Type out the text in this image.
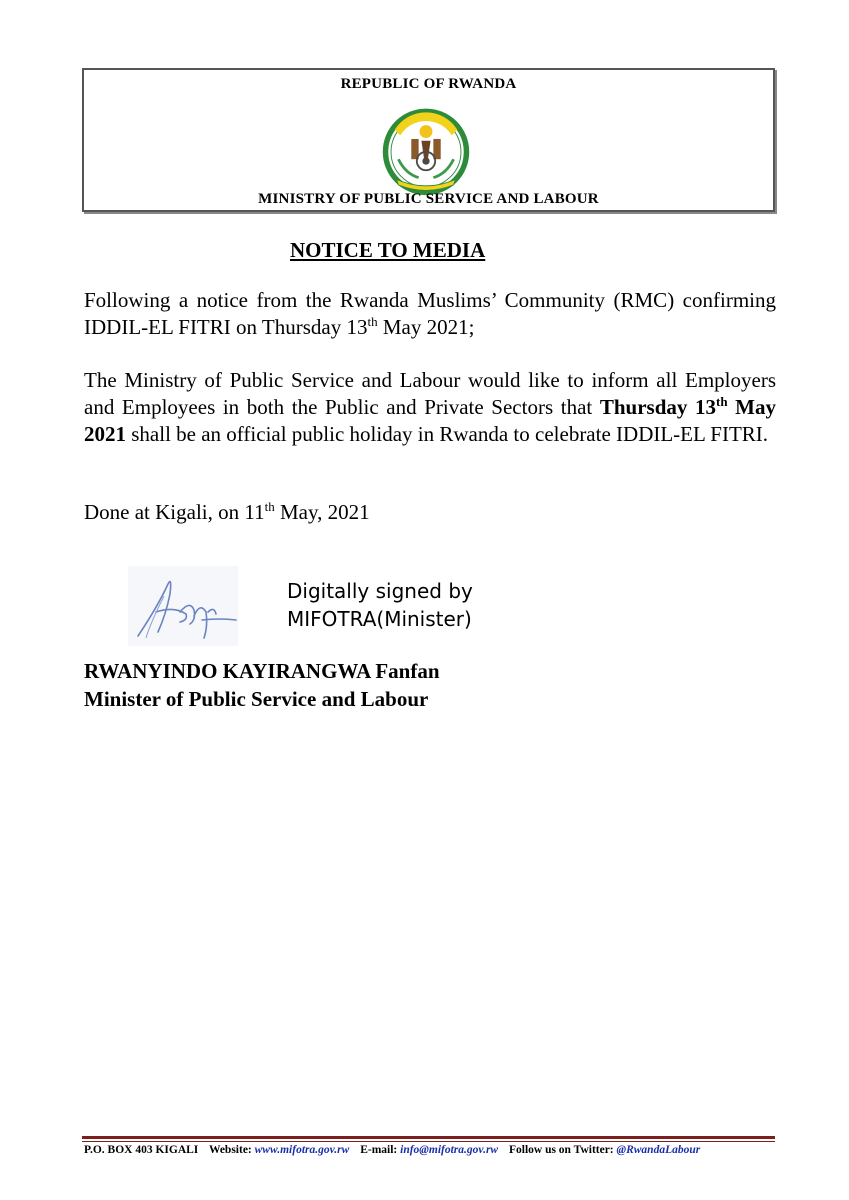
REPUBLIC OF RWANDA
MINISTRY OF PUBLIC SERVICE AND LABOUR
NOTICE TO MEDIA
Following a notice from the Rwanda Muslims’ Community (RMC) confirming IDDIL-EL FITRI on Thursday 13th May 2021;
The Ministry of Public Service and Labour would like to inform all Employers and Employees in both the Public and Private Sectors that Thursday 13th May 2021 shall be an official public holiday in Rwanda to celebrate IDDIL-EL FITRI.
Done at Kigali, on 11th May, 2021
Digitally signed by
MIFOTRA(Minister)
RWANYINDO KAYIRANGWA Fanfan
Minister of Public Service and Labour
P.O. BOX 403 KIGALI Website: www.mifotra.gov.rw E-mail: info@mifotra.gov.rw Follow us on Twitter: @RwandaLabour
